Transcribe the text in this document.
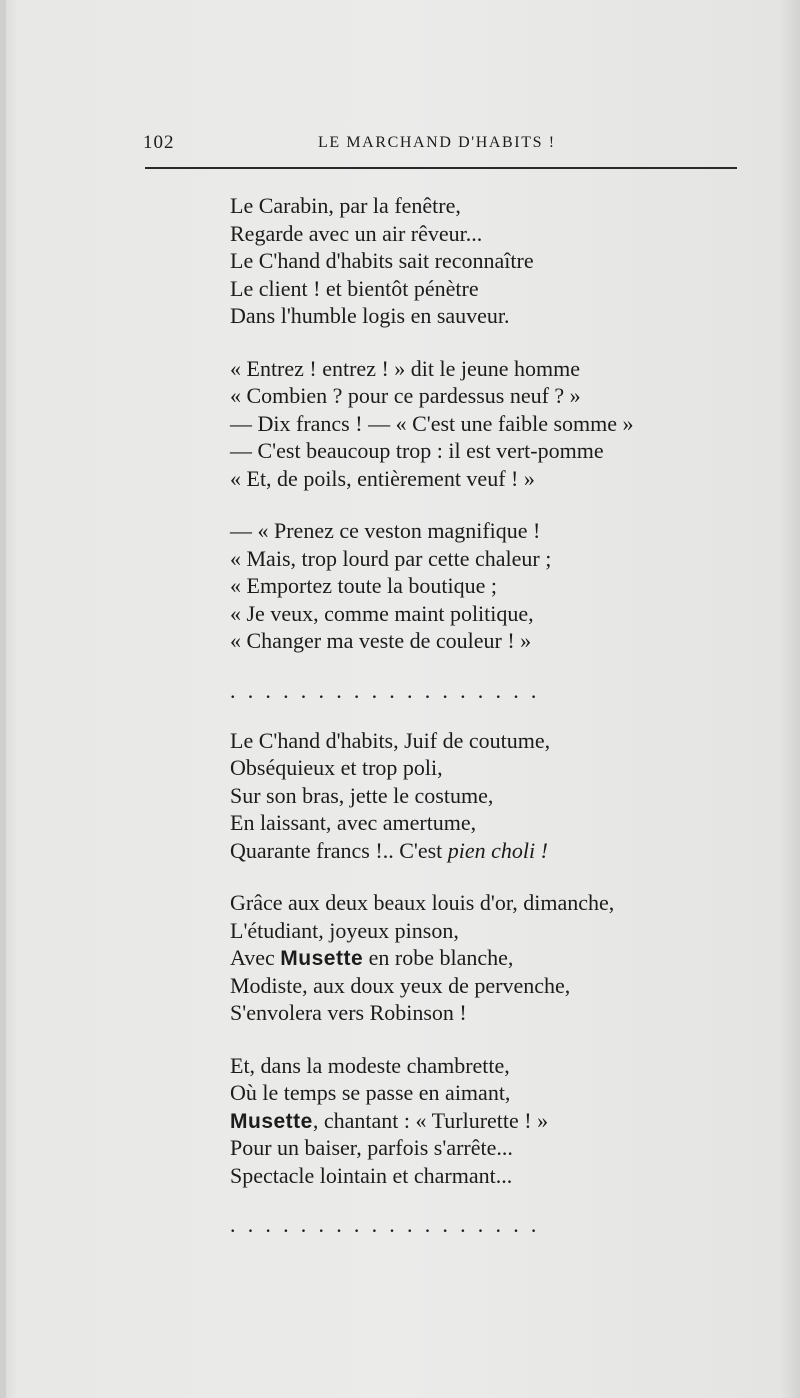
102	LE MARCHAND D'HABITS !
Le Carabin, par la fenêtre,
Regarde avec un air rêveur...
Le C'hand d'habits sait reconnaître
Le client ! et bientôt pénètre
Dans l'humble logis en sauveur.
« Entrez ! entrez ! » dit le jeune homme
« Combien ? pour ce pardessus neuf ? »
— Dix francs ! — « C'est une faible somme »
— C'est beaucoup trop : il est vert-pomme
« Et, de poils, entièrement veuf ! »
— « Prenez ce veston magnifique !
« Mais, trop lourd par cette chaleur ;
« Emportez toute la boutique ;
« Je veux, comme maint politique,
« Changer ma veste de couleur ! »
..................
Le C'hand d'habits, Juif de coutume,
Obséquieux et trop poli,
Sur son bras, jette le costume,
En laissant, avec amertume,
Quarante francs !.. C'est pien choli !
Grâce aux deux beaux louis d'or, dimanche,
L'étudiant, joyeux pinson,
Avec Musette en robe blanche,
Modiste, aux doux yeux de pervenche,
S'envolera vers Robinson !
Et, dans la modeste chambrette,
Où le temps se passe en aimant,
Musette, chantant : « Turlurette ! »
Pour un baiser, parfois s'arrête...
Spectacle lointain et charmant...
..................
